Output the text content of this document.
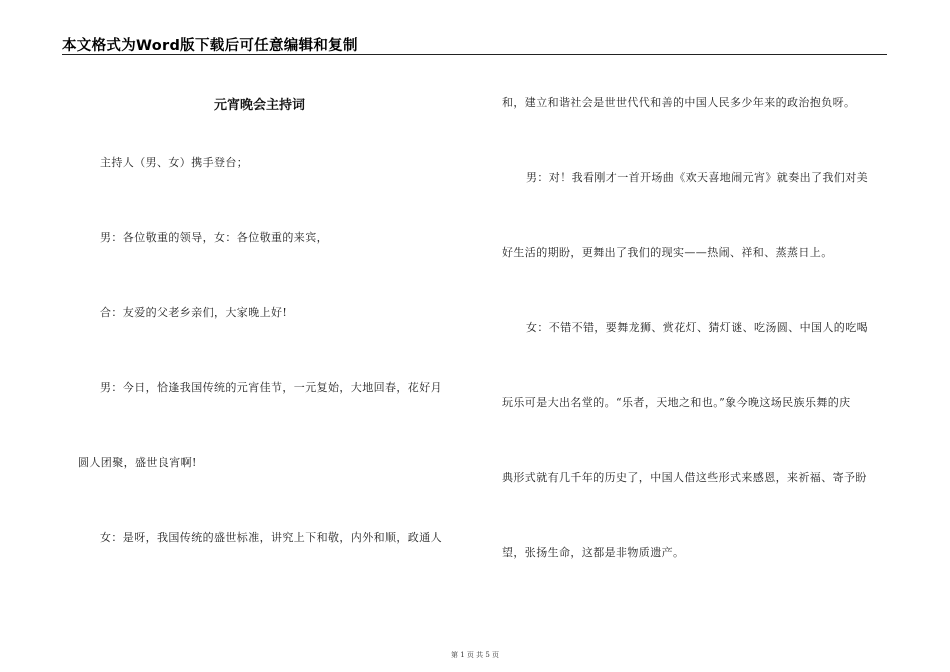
本文格式为Word版下载后可任意编辑和复制
元宵晚会主持词
主持人（男、女）携手登台；
男：各位敬重的领导，女：各位敬重的来宾，
合：友爱的父老乡亲们，大家晚上好!
男：今日，恰逢我国传统的元宵佳节，一元复始，大地回春，花好月
圆人团聚，盛世良宵啊!
女：是呀，我国传统的盛世标准，讲究上下和敬，内外和顺，政通人
和，建立和谐社会是世世代代和善的中国人民多少年来的政治抱负呀。
男：对！我看刚才一首开场曲《欢天喜地闹元宵》就奏出了我们对美
好生活的期盼，更舞出了我们的现实——热闹、祥和、蒸蒸日上。
女：不错不错，要舞龙狮、赏花灯、猜灯谜、吃汤圆、中国人的吃喝
玩乐可是大出名堂的。“乐者，天地之和也。”象今晚这场民族乐舞的庆
典形式就有几千年的历史了，中国人借这些形式来感恩，来祈福、寄予盼
望，张扬生命，这都是非物质遗产。
第 1 页 共 5 页
